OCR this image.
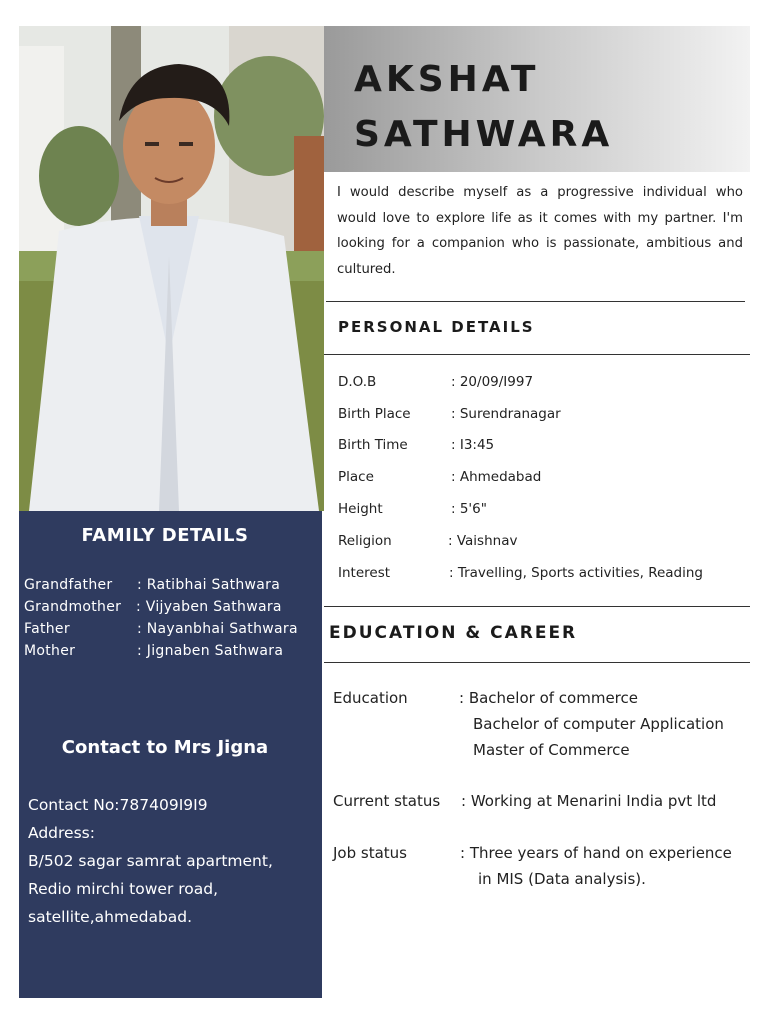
AKSHAT
SATHWARA
I would describe myself as a progressive individual who would love to explore life as it comes with my partner. I'm looking for a companion who is passionate, ambitious and cultured.
PERSONAL DETAILS
D.O.B	: 20/09/I997
Birth Place	: Surendranagar
Birth Time	: I3:45
Place	: Ahmedabad
Height	: 5'6"
Religion	: Vaishnav
Interest	: Travelling, Sports activities, Reading
EDUCATION & CAREER
Education	: Bachelor of commerce
Bachelor of computer Application
Master of Commerce
Current status : Working at Menarini India pvt ltd
Job status	: Three years of hand on experience
in MIS (Data analysis).
FAMILY DETAILS
Grandfather : Ratibhai Sathwara
Grandmother : Vijyaben Sathwara
Father	: Nayanbhai Sathwara
Mother	: Jignaben Sathwara
Contact to Mrs Jigna
Contact No:787409I9I9
Address:
B/502 sagar samrat apartment,
Redio mirchi tower road,
satellite,ahmedabad.
